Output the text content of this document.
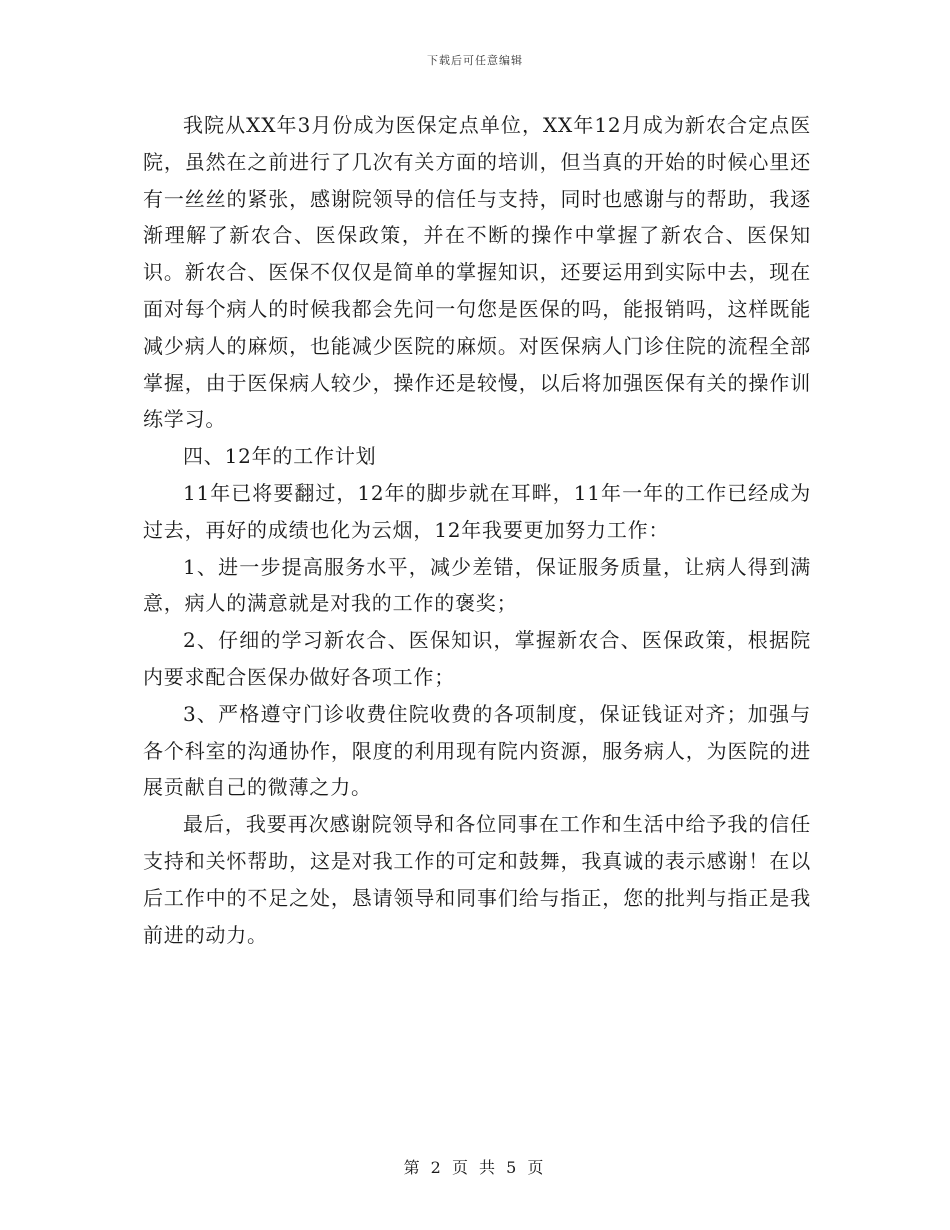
下载后可任意编辑

我院从XX年3月份成为医保定点单位，XX年12月成为新农合定点医院，虽然在之前进行了几次有关方面的培训，但当真的开始的时候心里还有一丝丝的紧张，感谢院领导的信任与支持，同时也感谢与的帮助，我逐渐理解了新农合、医保政策，并在不断的操作中掌握了新农合、医保知识。新农合、医保不仅仅是简单的掌握知识，还要运用到实际中去，现在面对每个病人的时候我都会先问一句您是医保的吗，能报销吗，这样既能减少病人的麻烦，也能减少医院的麻烦。对医保病人门诊住院的流程全部掌握，由于医保病人较少，操作还是较慢，以后将加强医保有关的操作训练学习。

四、12年的工作计划

11年已将要翻过，12年的脚步就在耳畔，11年一年的工作已经成为过去，再好的成绩也化为云烟，12年我要更加努力工作：

1、进一步提高服务水平，减少差错，保证服务质量，让病人得到满意，病人的满意就是对我的工作的褒奖；

2、仔细的学习新农合、医保知识，掌握新农合、医保政策，根据院内要求配合医保办做好各项工作；

3、严格遵守门诊收费住院收费的各项制度，保证钱证对齐；加强与各个科室的沟通协作，限度的利用现有院内资源，服务病人，为医院的进展贡献自己的微薄之力。

最后，我要再次感谢院领导和各位同事在工作和生活中给予我的信任支持和关怀帮助，这是对我工作的可定和鼓舞，我真诚的表示感谢！在以后工作中的不足之处，恳请领导和同事们给与指正，您的批判与指正是我前进的动力。

第 2 页 共 5 页
